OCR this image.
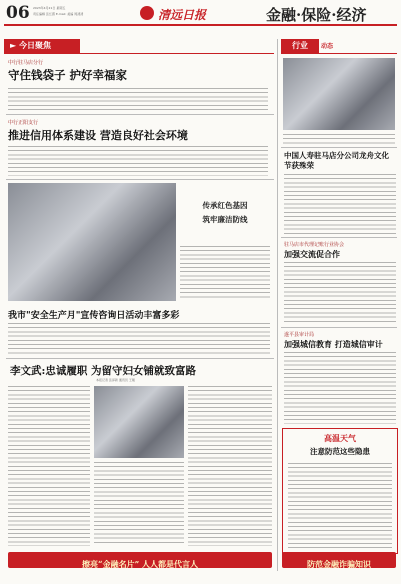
06 2023年4月21日 星期五
责任编辑 张红霞 E-mail: 美编 周清清	清远日报	金融·保险·经济
► 今日聚焦
中行驻马店分行
守住钱袋子 护好幸福家
中行正阳支行
推进信用体系建设 营造良好社会环境
传承红色基因
筑牢廉洁防线
我市"安全生产月"宣传咨询日活动丰富多彩
李文武:忠诚履职 为留守妇女铺就致富路
本报记者 张泽新 通讯员 王刚
擦亮“金融名片” 人人都是代言人
行业	动态
中国人寿驻马店分公司龙舟文化节获殊荣
驻马店市代理记账行业协会
加强交流促合作
遂平县审计局
加强城信教育 打造城信审计
高温天气
注意防范这些隐患
防范金融诈骗知识
